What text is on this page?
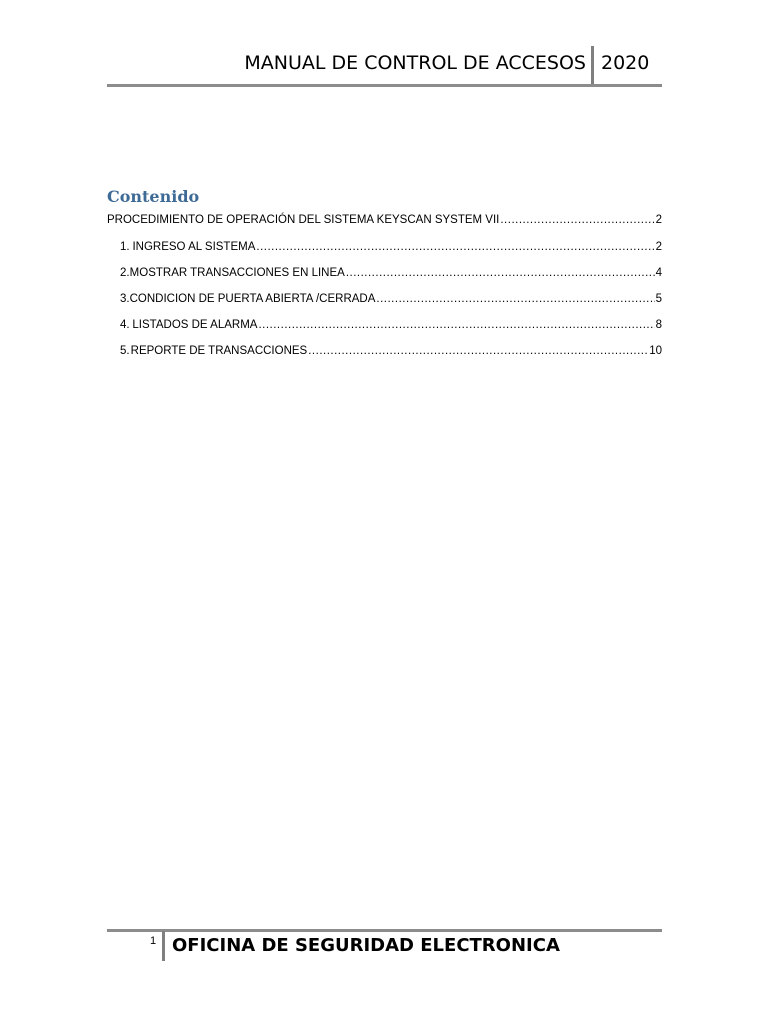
MANUAL DE CONTROL DE ACCESOS 2020
Contenido
PROCEDIMIENTO DE OPERACIÓN DEL SISTEMA KEYSCAN SYSTEM VII .....	2
1. INGRESO AL SISTEMA .....	2
2. MOSTRAR TRANSACCIONES EN LINEA .....	4
3. CONDICION DE PUERTA ABIERTA /CERRADA .....	5
4. LISTADOS DE ALARMA .....	8
5. REPORTE DE TRANSACCIONES .....	10
1 OFICINA DE SEGURIDAD ELECTRONICA
